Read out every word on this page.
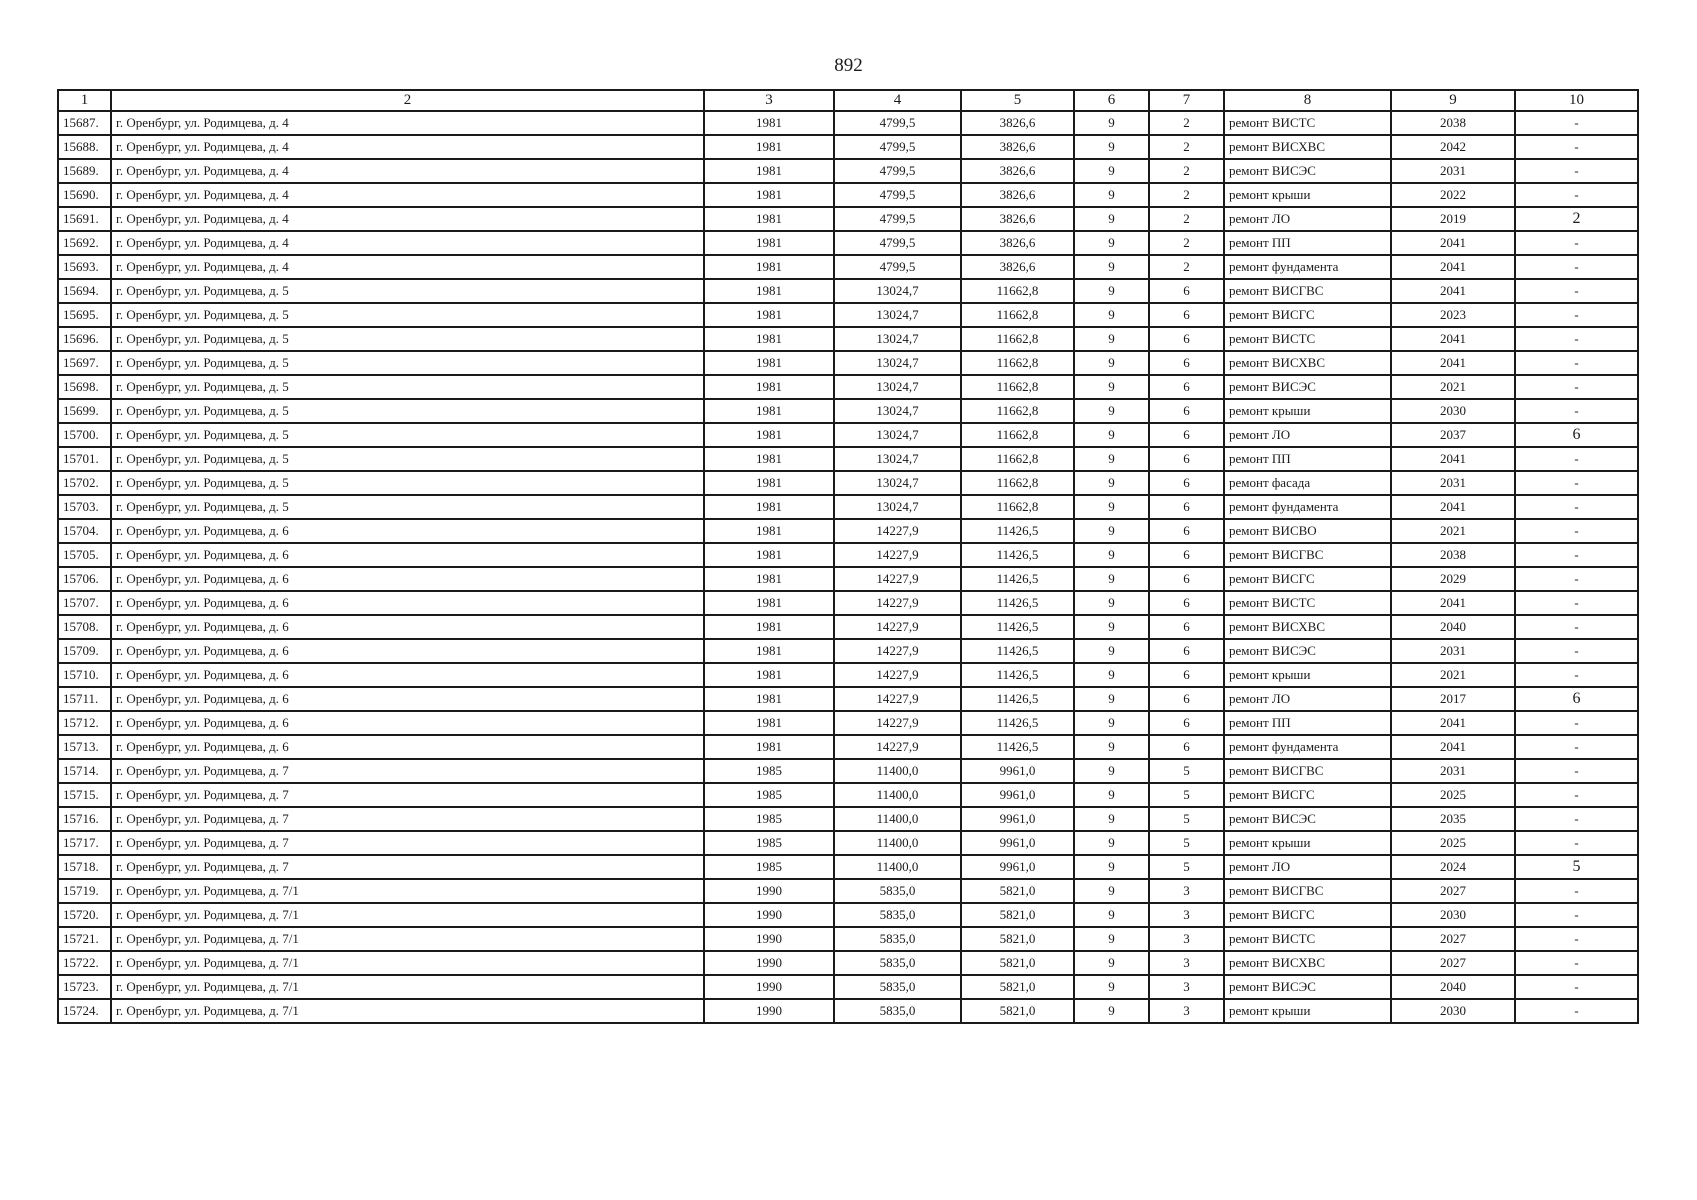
892
1	2	3	4	5	6	7	8	9	10
15687.	г. Оренбург, ул. Родимцева, д. 4	1981	4799,5	3826,6	9	2	ремонт ВИСТС	2038	-
15688.	г. Оренбург, ул. Родимцева, д. 4	1981	4799,5	3826,6	9	2	ремонт ВИСХВС	2042	-
15689.	г. Оренбург, ул. Родимцева, д. 4	1981	4799,5	3826,6	9	2	ремонт ВИСЭС	2031	-
15690.	г. Оренбург, ул. Родимцева, д. 4	1981	4799,5	3826,6	9	2	ремонт крыши	2022	-
15691.	г. Оренбург, ул. Родимцева, д. 4	1981	4799,5	3826,6	9	2	ремонт ЛО	2019	2
15692.	г. Оренбург, ул. Родимцева, д. 4	1981	4799,5	3826,6	9	2	ремонт ПП	2041	-
15693.	г. Оренбург, ул. Родимцева, д. 4	1981	4799,5	3826,6	9	2	ремонт фундамента	2041	-
15694.	г. Оренбург, ул. Родимцева, д. 5	1981	13024,7	11662,8	9	6	ремонт ВИСГВС	2041	-
15695.	г. Оренбург, ул. Родимцева, д. 5	1981	13024,7	11662,8	9	6	ремонт ВИСГС	2023	-
15696.	г. Оренбург, ул. Родимцева, д. 5	1981	13024,7	11662,8	9	6	ремонт ВИСТС	2041	-
15697.	г. Оренбург, ул. Родимцева, д. 5	1981	13024,7	11662,8	9	6	ремонт ВИСХВС	2041	-
15698.	г. Оренбург, ул. Родимцева, д. 5	1981	13024,7	11662,8	9	6	ремонт ВИСЭС	2021	-
15699.	г. Оренбург, ул. Родимцева, д. 5	1981	13024,7	11662,8	9	6	ремонт крыши	2030	-
15700.	г. Оренбург, ул. Родимцева, д. 5	1981	13024,7	11662,8	9	6	ремонт ЛО	2037	6
15701.	г. Оренбург, ул. Родимцева, д. 5	1981	13024,7	11662,8	9	6	ремонт ПП	2041	-
15702.	г. Оренбург, ул. Родимцева, д. 5	1981	13024,7	11662,8	9	6	ремонт фасада	2031	-
15703.	г. Оренбург, ул. Родимцева, д. 5	1981	13024,7	11662,8	9	6	ремонт фундамента	2041	-
15704.	г. Оренбург, ул. Родимцева, д. 6	1981	14227,9	11426,5	9	6	ремонт ВИСВО	2021	-
15705.	г. Оренбург, ул. Родимцева, д. 6	1981	14227,9	11426,5	9	6	ремонт ВИСГВС	2038	-
15706.	г. Оренбург, ул. Родимцева, д. 6	1981	14227,9	11426,5	9	6	ремонт ВИСГС	2029	-
15707.	г. Оренбург, ул. Родимцева, д. 6	1981	14227,9	11426,5	9	6	ремонт ВИСТС	2041	-
15708.	г. Оренбург, ул. Родимцева, д. 6	1981	14227,9	11426,5	9	6	ремонт ВИСХВС	2040	-
15709.	г. Оренбург, ул. Родимцева, д. 6	1981	14227,9	11426,5	9	6	ремонт ВИСЭС	2031	-
15710.	г. Оренбург, ул. Родимцева, д. 6	1981	14227,9	11426,5	9	6	ремонт крыши	2021	-
15711.	г. Оренбург, ул. Родимцева, д. 6	1981	14227,9	11426,5	9	6	ремонт ЛО	2017	6
15712.	г. Оренбург, ул. Родимцева, д. 6	1981	14227,9	11426,5	9	6	ремонт ПП	2041	-
15713.	г. Оренбург, ул. Родимцева, д. 6	1981	14227,9	11426,5	9	6	ремонт фундамента	2041	-
15714.	г. Оренбург, ул. Родимцева, д. 7	1985	11400,0	9961,0	9	5	ремонт ВИСГВС	2031	-
15715.	г. Оренбург, ул. Родимцева, д. 7	1985	11400,0	9961,0	9	5	ремонт ВИСГС	2025	-
15716.	г. Оренбург, ул. Родимцева, д. 7	1985	11400,0	9961,0	9	5	ремонт ВИСЭС	2035	-
15717.	г. Оренбург, ул. Родимцева, д. 7	1985	11400,0	9961,0	9	5	ремонт крыши	2025	-
15718.	г. Оренбург, ул. Родимцева, д. 7	1985	11400,0	9961,0	9	5	ремонт ЛО	2024	5
15719.	г. Оренбург, ул. Родимцева, д. 7/1	1990	5835,0	5821,0	9	3	ремонт ВИСГВС	2027	-
15720.	г. Оренбург, ул. Родимцева, д. 7/1	1990	5835,0	5821,0	9	3	ремонт ВИСГС	2030	-
15721.	г. Оренбург, ул. Родимцева, д. 7/1	1990	5835,0	5821,0	9	3	ремонт ВИСТС	2027	-
15722.	г. Оренбург, ул. Родимцева, д. 7/1	1990	5835,0	5821,0	9	3	ремонт ВИСХВС	2027	-
15723.	г. Оренбург, ул. Родимцева, д. 7/1	1990	5835,0	5821,0	9	3	ремонт ВИСЭС	2040	-
15724.	г. Оренбург, ул. Родимцева, д. 7/1	1990	5835,0	5821,0	9	3	ремонт крыши	2030	-
